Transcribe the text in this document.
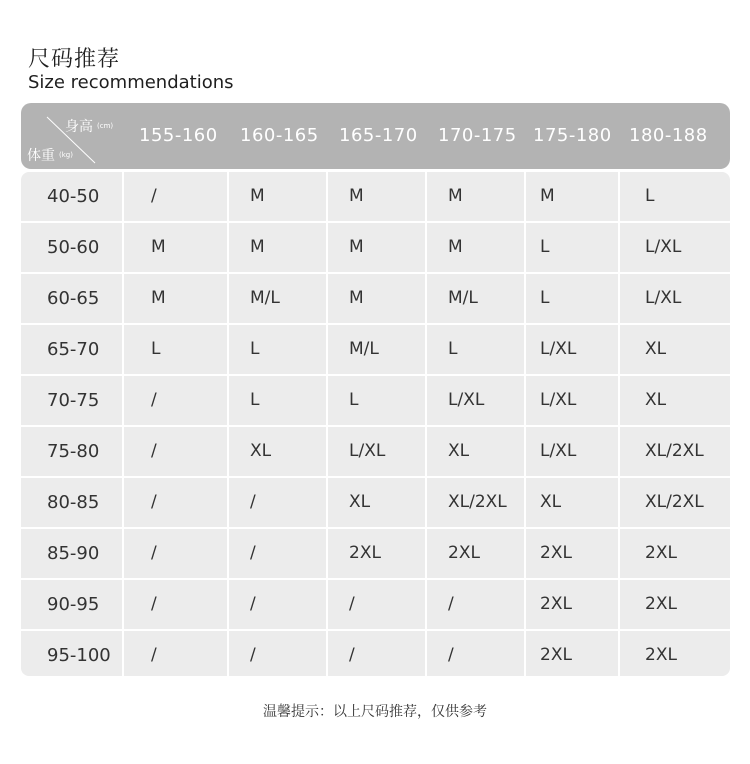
尺码推荐
Size recommendations
身高 $^{(cm)}$
体重 $^{(kg)}$
155-160 160-165 165-170 170-175 175-180 180-188
40-50	/	M	M	M	M	L
50-60	M	M	M	M	L	L/XL
60-65	M	M/L	M	M/L	L	L/XL
65-70	L	L	M/L	L	L/XL	XL
70-75	/	L	L	L/XL	L/XL	XL
75-80	/	XL	L/XL	XL	L/XL	XL/2XL
80-85	/	/	XL	XL/2XL XL	XL/2XL
85-90	/	/	2XL	2XL	2XL	2XL
90-95	/	/	/	/	2XL	2XL
95-100 /	/	/	/	2XL	2XL
温馨提示：以上尺码推荐，仅供参考
